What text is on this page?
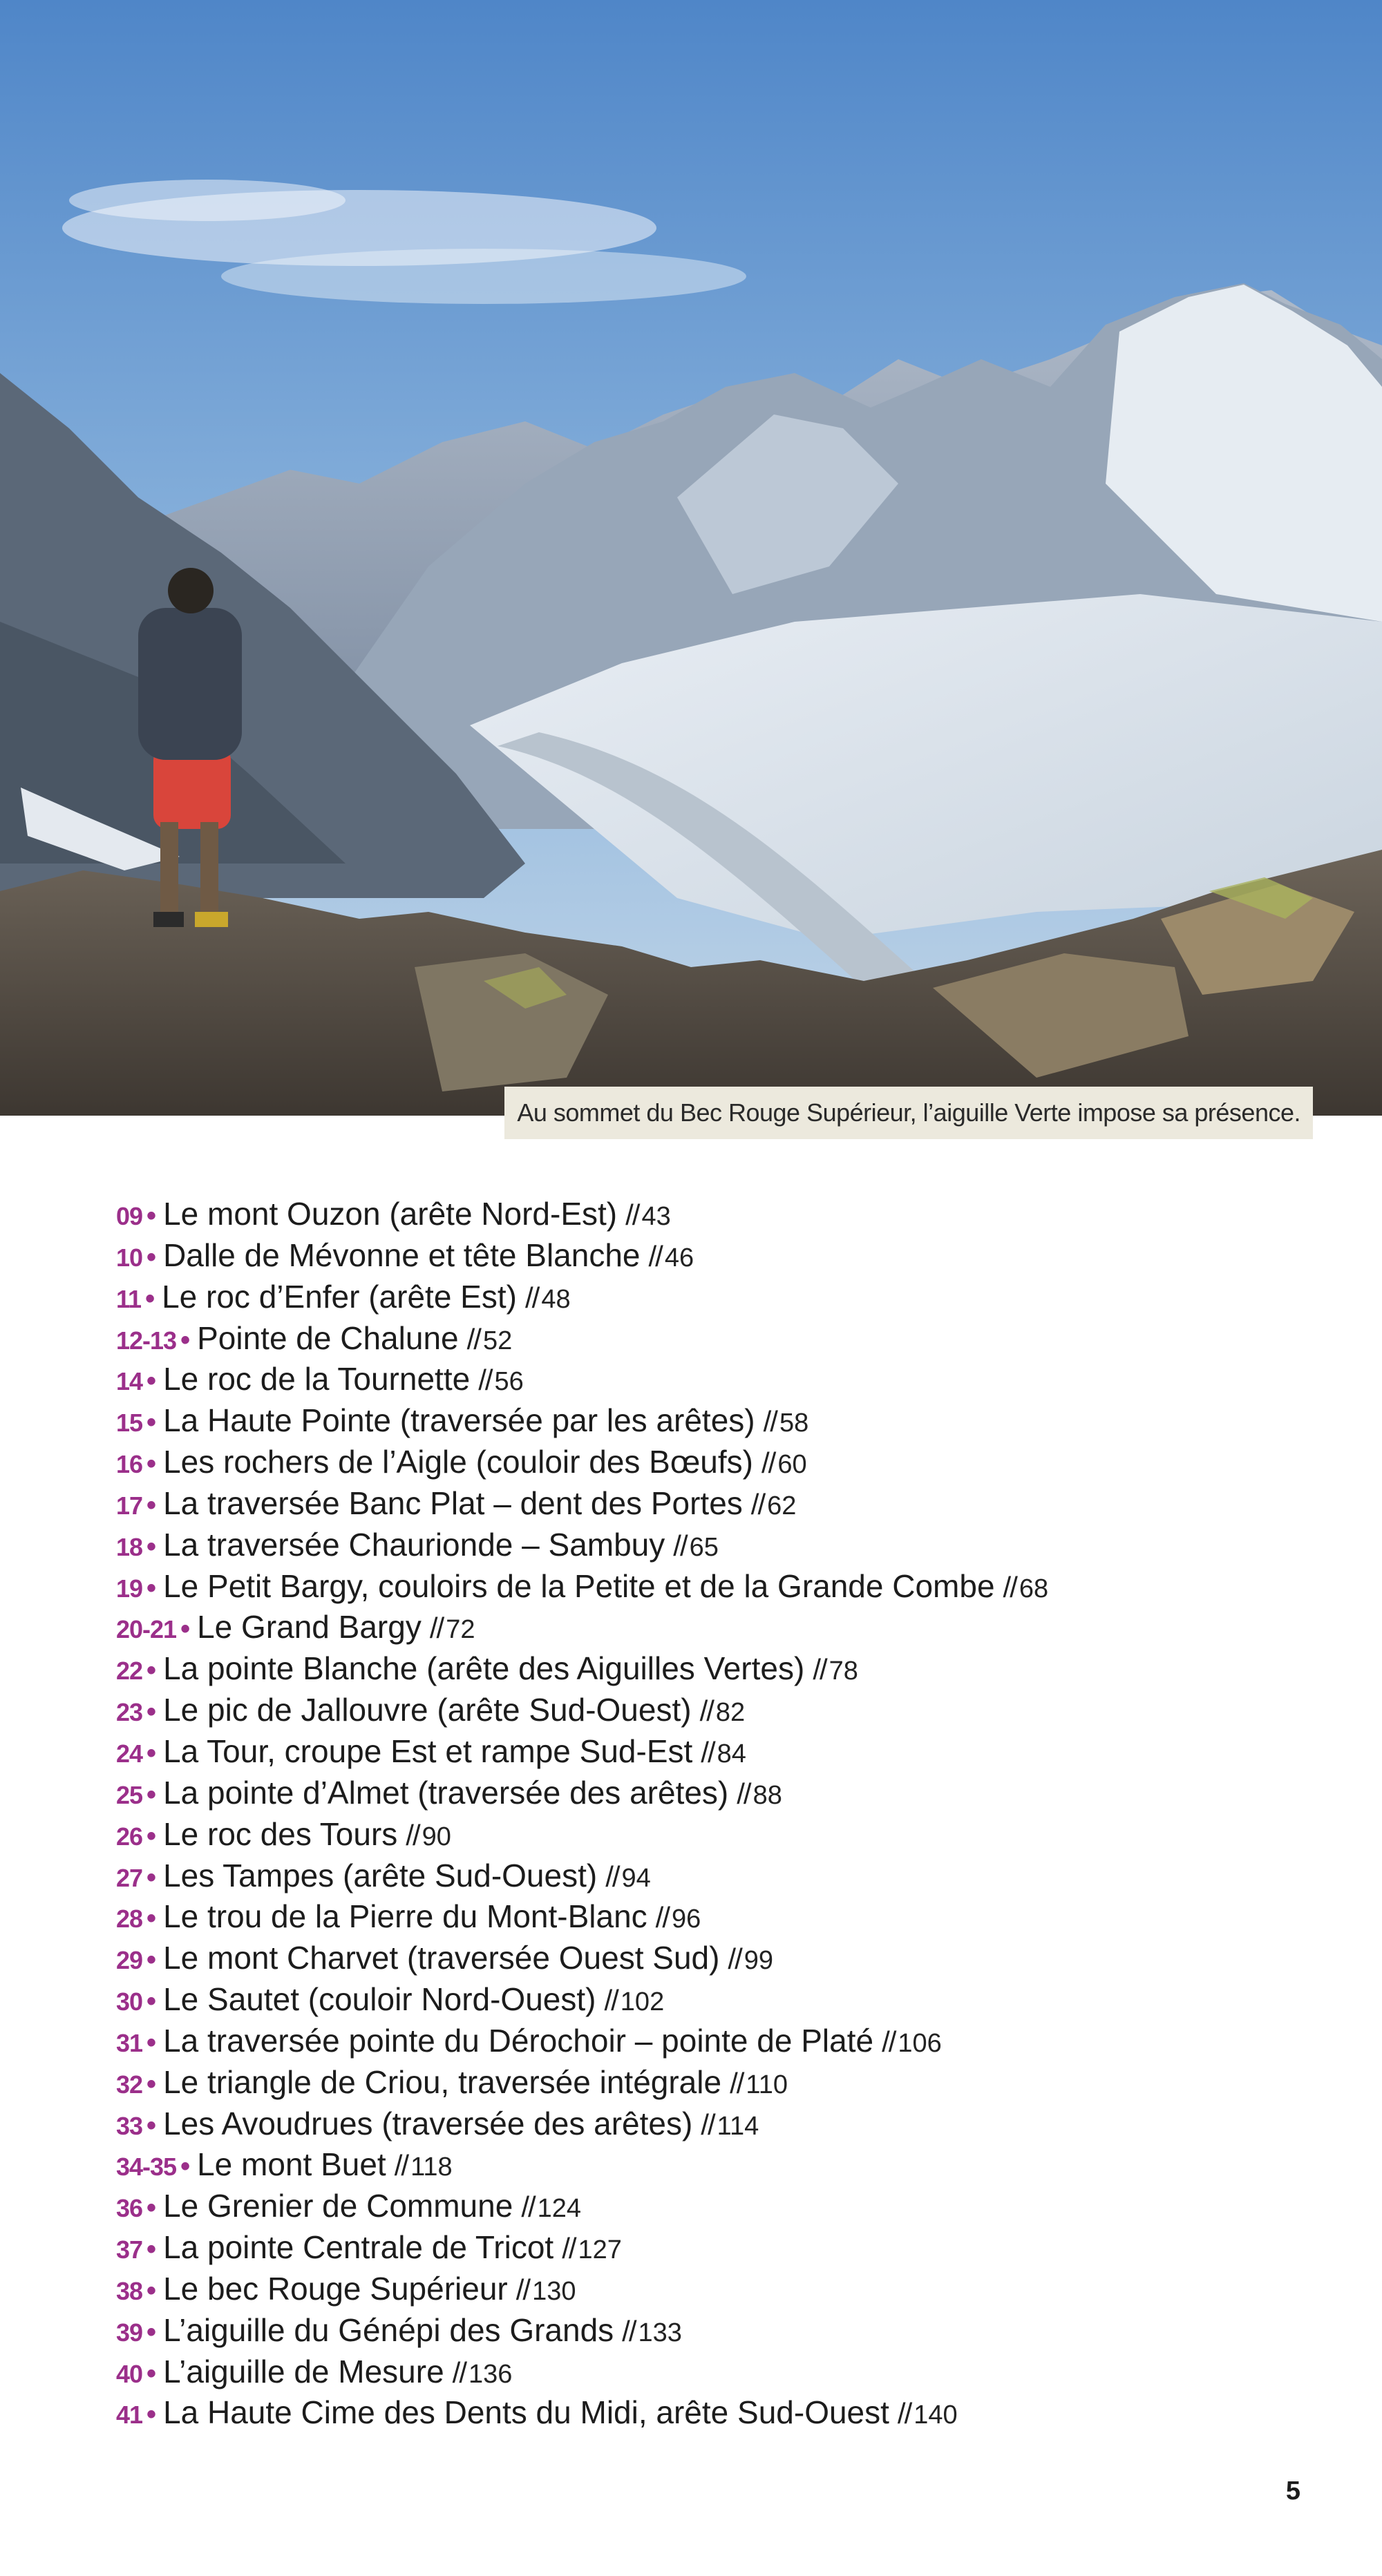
Au sommet du Bec Rouge Supérieur, l’aiguille Verte impose sa présence.
09 • Le mont Ouzon (arête Nord-Est) // 43
10 • Dalle de Mévonne et tête Blanche // 46
11 • Le roc d’Enfer (arête Est) // 48
12-13 • Pointe de Chalune // 52
14 • Le roc de la Tournette // 56
15 • La Haute Pointe (traversée par les arêtes) // 58
16 • Les rochers de l’Aigle (couloir des Bœufs) // 60
17 • La traversée Banc Plat – dent des Portes // 62
18 • La traversée Chaurionde – Sambuy // 65
19 • Le Petit Bargy, couloirs de la Petite et de la Grande Combe // 68
20-21 • Le Grand Bargy // 72
22 • La pointe Blanche (arête des Aiguilles Vertes) // 78
23 • Le pic de Jallouvre (arête Sud-Ouest) // 82
24 • La Tour, croupe Est et rampe Sud-Est // 84
25 • La pointe d’Almet (traversée des arêtes) // 88
26 • Le roc des Tours // 90
27 • Les Tampes (arête Sud-Ouest) // 94
28 • Le trou de la Pierre du Mont-Blanc // 96
29 • Le mont Charvet (traversée Ouest Sud) // 99
30 • Le Sautet (couloir Nord-Ouest) // 102
31 • La traversée pointe du Dérochoir – pointe de Platé // 106
32 • Le triangle de Criou, traversée intégrale // 110
33 • Les Avoudrues (traversée des arêtes) // 114
34-35 • Le mont Buet // 118
36 • Le Grenier de Commune // 124
37 • La pointe Centrale de Tricot // 127
38 • Le bec Rouge Supérieur // 130
39 • L’aiguille du Génépi des Grands // 133
40 • L’aiguille de Mesure // 136
41 • La Haute Cime des Dents du Midi, arête Sud-Ouest // 140
5
